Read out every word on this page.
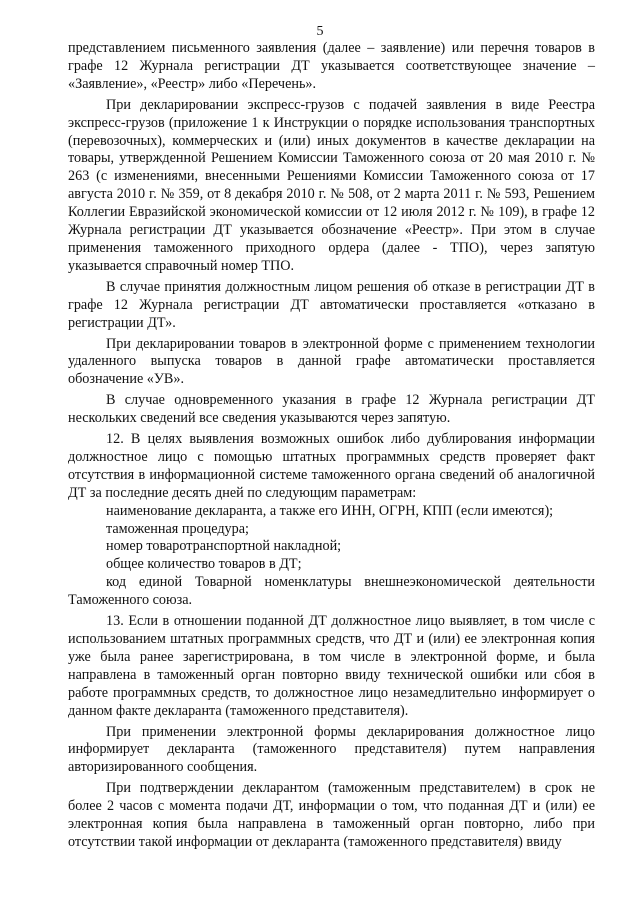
5

представлением письменного заявления (далее – заявление) или перечня товаров в графе 12 Журнала регистрации ДТ указывается соответствующее значение – «Заявление», «Реестр» либо «Перечень».

При декларировании экспресс-грузов с подачей заявления в виде Реестра экспресс-грузов (приложение 1 к Инструкции о порядке использования транспортных (перевозочных), коммерческих и (или) иных документов в качестве декларации на товары, утвержденной Решением Комиссии Таможенного союза от 20 мая 2010 г. № 263 (с изменениями, внесенными Решениями Комиссии Таможенного союза от 17 августа 2010 г. № 359, от 8 декабря 2010 г. № 508, от 2 марта 2011 г. № 593, Решением Коллегии Евразийской экономической комиссии от 12 июля 2012 г. № 109), в графе 12 Журнала регистрации ДТ указывается обозначение «Реестр». При этом в случае применения таможенного приходного ордера (далее - ТПО), через запятую указывается справочный номер ТПО.

В случае принятия должностным лицом решения об отказе в регистрации ДТ в графе 12 Журнала регистрации ДТ автоматически проставляется «отказано в регистрации ДТ».

При декларировании товаров в электронной форме с применением технологии удаленного выпуска товаров в данной графе автоматически проставляется обозначение «УВ».

В случае одновременного указания в графе 12 Журнала регистрации ДТ нескольких сведений все сведения указываются через запятую.

12. В целях выявления возможных ошибок либо дублирования информации должностное лицо с помощью штатных программных средств проверяет факт отсутствия в информационной системе таможенного органа сведений об аналогичной ДТ за последние десять дней по следующим параметрам:

наименование декларанта, а также его ИНН, ОГРН, КПП (если имеются);

таможенная процедура;

номер товаротранспортной накладной;

общее количество товаров в ДТ;

код единой Товарной номенклатуры внешнеэкономической деятельности Таможенного союза.

13. Если в отношении поданной ДТ должностное лицо выявляет, в том числе с использованием штатных программных средств, что ДТ и (или) ее электронная копия уже была ранее зарегистрирована, в том числе в электронной форме, и была направлена в таможенный орган повторно ввиду технической ошибки или сбоя в работе программных средств, то должностное лицо незамедлительно информирует о данном факте декларанта (таможенного представителя).

При применении электронной формы декларирования должностное лицо информирует декларанта (таможенного представителя) путем направления авторизированного сообщения.

При подтверждении декларантом (таможенным представителем) в срок не более 2 часов с момента подачи ДТ, информации о том, что поданная ДТ и (или) ее электронная копия была направлена в таможенный орган повторно, либо при отсутствии такой информации от декларанта (таможенного представителя) ввиду
